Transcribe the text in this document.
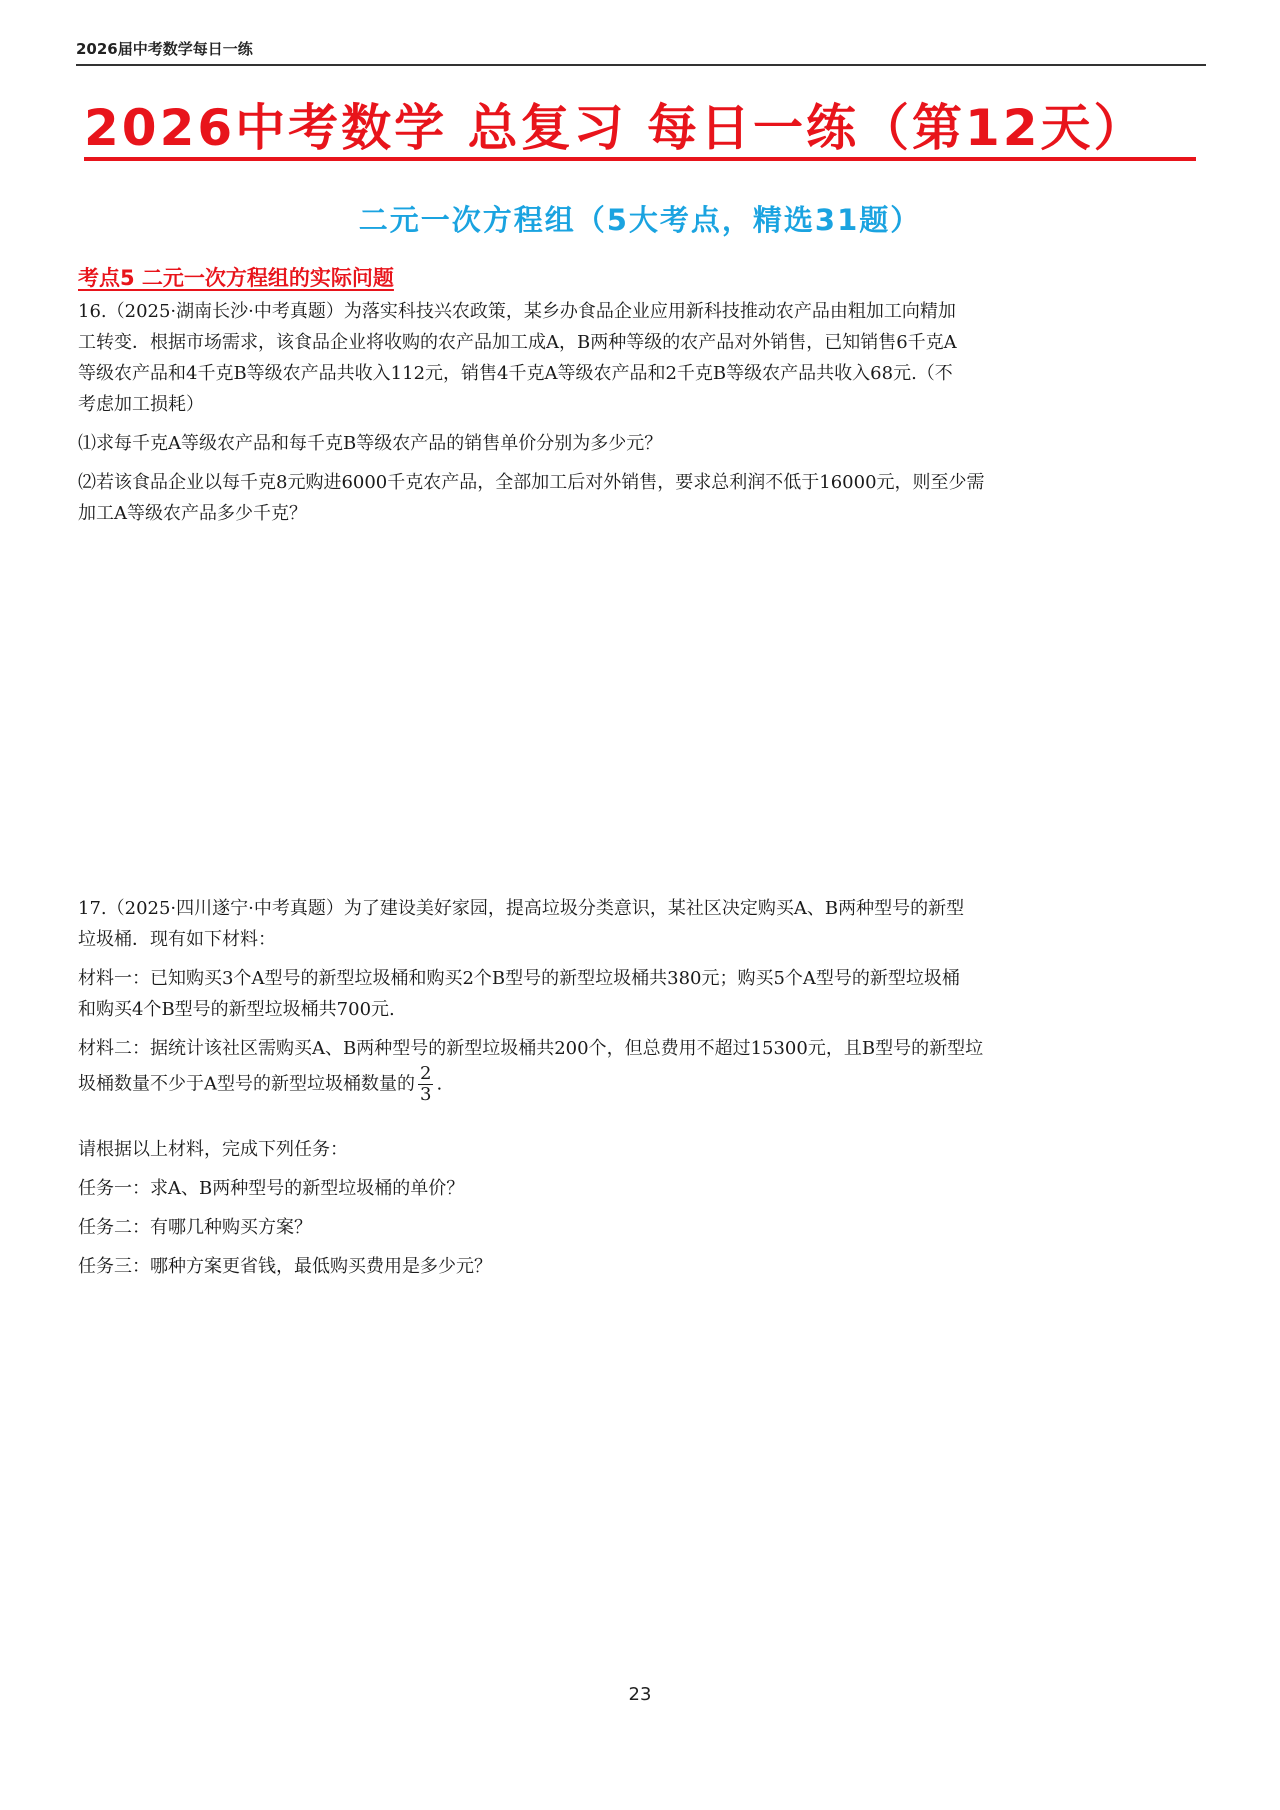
2026届中考数学每日一练
2026中考数学 总复习 每日一练（第12天）
二元一次方程组（5大考点，精选31题）
考点5 二元一次方程组的实际问题
16.（2025·湖南长沙·中考真题）为落实科技兴农政策，某乡办食品企业应用新科技推动农产品由粗加工向精加
工转变．根据市场需求，该食品企业将收购的农产品加工成A，B两种等级的农产品对外销售，已知销售6千克A
等级农产品和4千克B等级农产品共收入112元，销售4千克A等级农产品和2千克B等级农产品共收入68元.（不
考虑加工损耗）
⑴求每千克A等级农产品和每千克B等级农产品的销售单价分别为多少元？
⑵若该食品企业以每千克8元购进6000千克农产品，全部加工后对外销售，要求总利润不低于16000元，则至少需
加工A等级农产品多少千克？
17.（2025·四川遂宁·中考真题）为了建设美好家园，提高垃圾分类意识，某社区决定购买A、B两种型号的新型
垃圾桶．现有如下材料：
材料一：已知购买3个A型号的新型垃圾桶和购买2个B型号的新型垃圾桶共380元；购买5个A型号的新型垃圾桶
和购买4个B型号的新型垃圾桶共700元.
材料二：据统计该社区需购买A、B两种型号的新型垃圾桶共200个，但总费用不超过15300元，且B型号的新型垃
圾桶数量不少于A型号的新型垃圾桶数量的 $\frac{2}{3}$ .
请根据以上材料，完成下列任务：
任务一：求A、B两种型号的新型垃圾桶的单价？
任务二：有哪几种购买方案？
任务三：哪种方案更省钱，最低购买费用是多少元？
23
